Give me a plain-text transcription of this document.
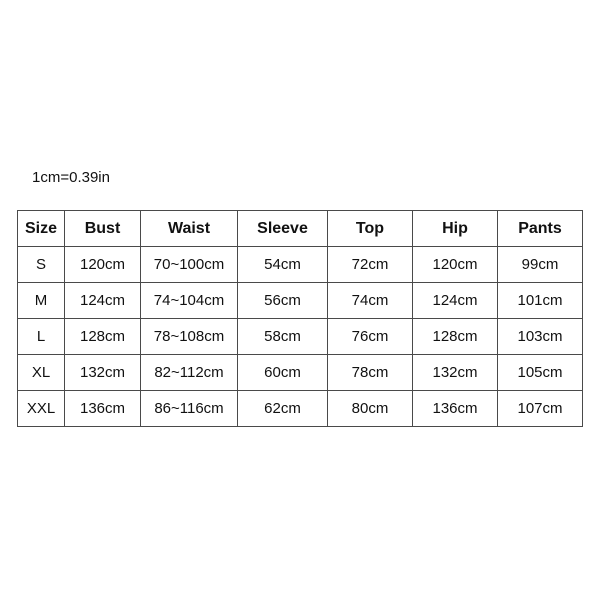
1cm=0.39in
Size	Bust	Waist	Sleeve	Top	Hip	Pants
S	120cm	70~100cm	54cm	72cm	120cm	99cm
M	124cm	74~104cm	56cm	74cm	124cm	101cm
L	128cm	78~108cm	58cm	76cm	128cm	103cm
XL	132cm	82~112cm	60cm	78cm	132cm	105cm
XXL	136cm	86~116cm	62cm	80cm	136cm	107cm
